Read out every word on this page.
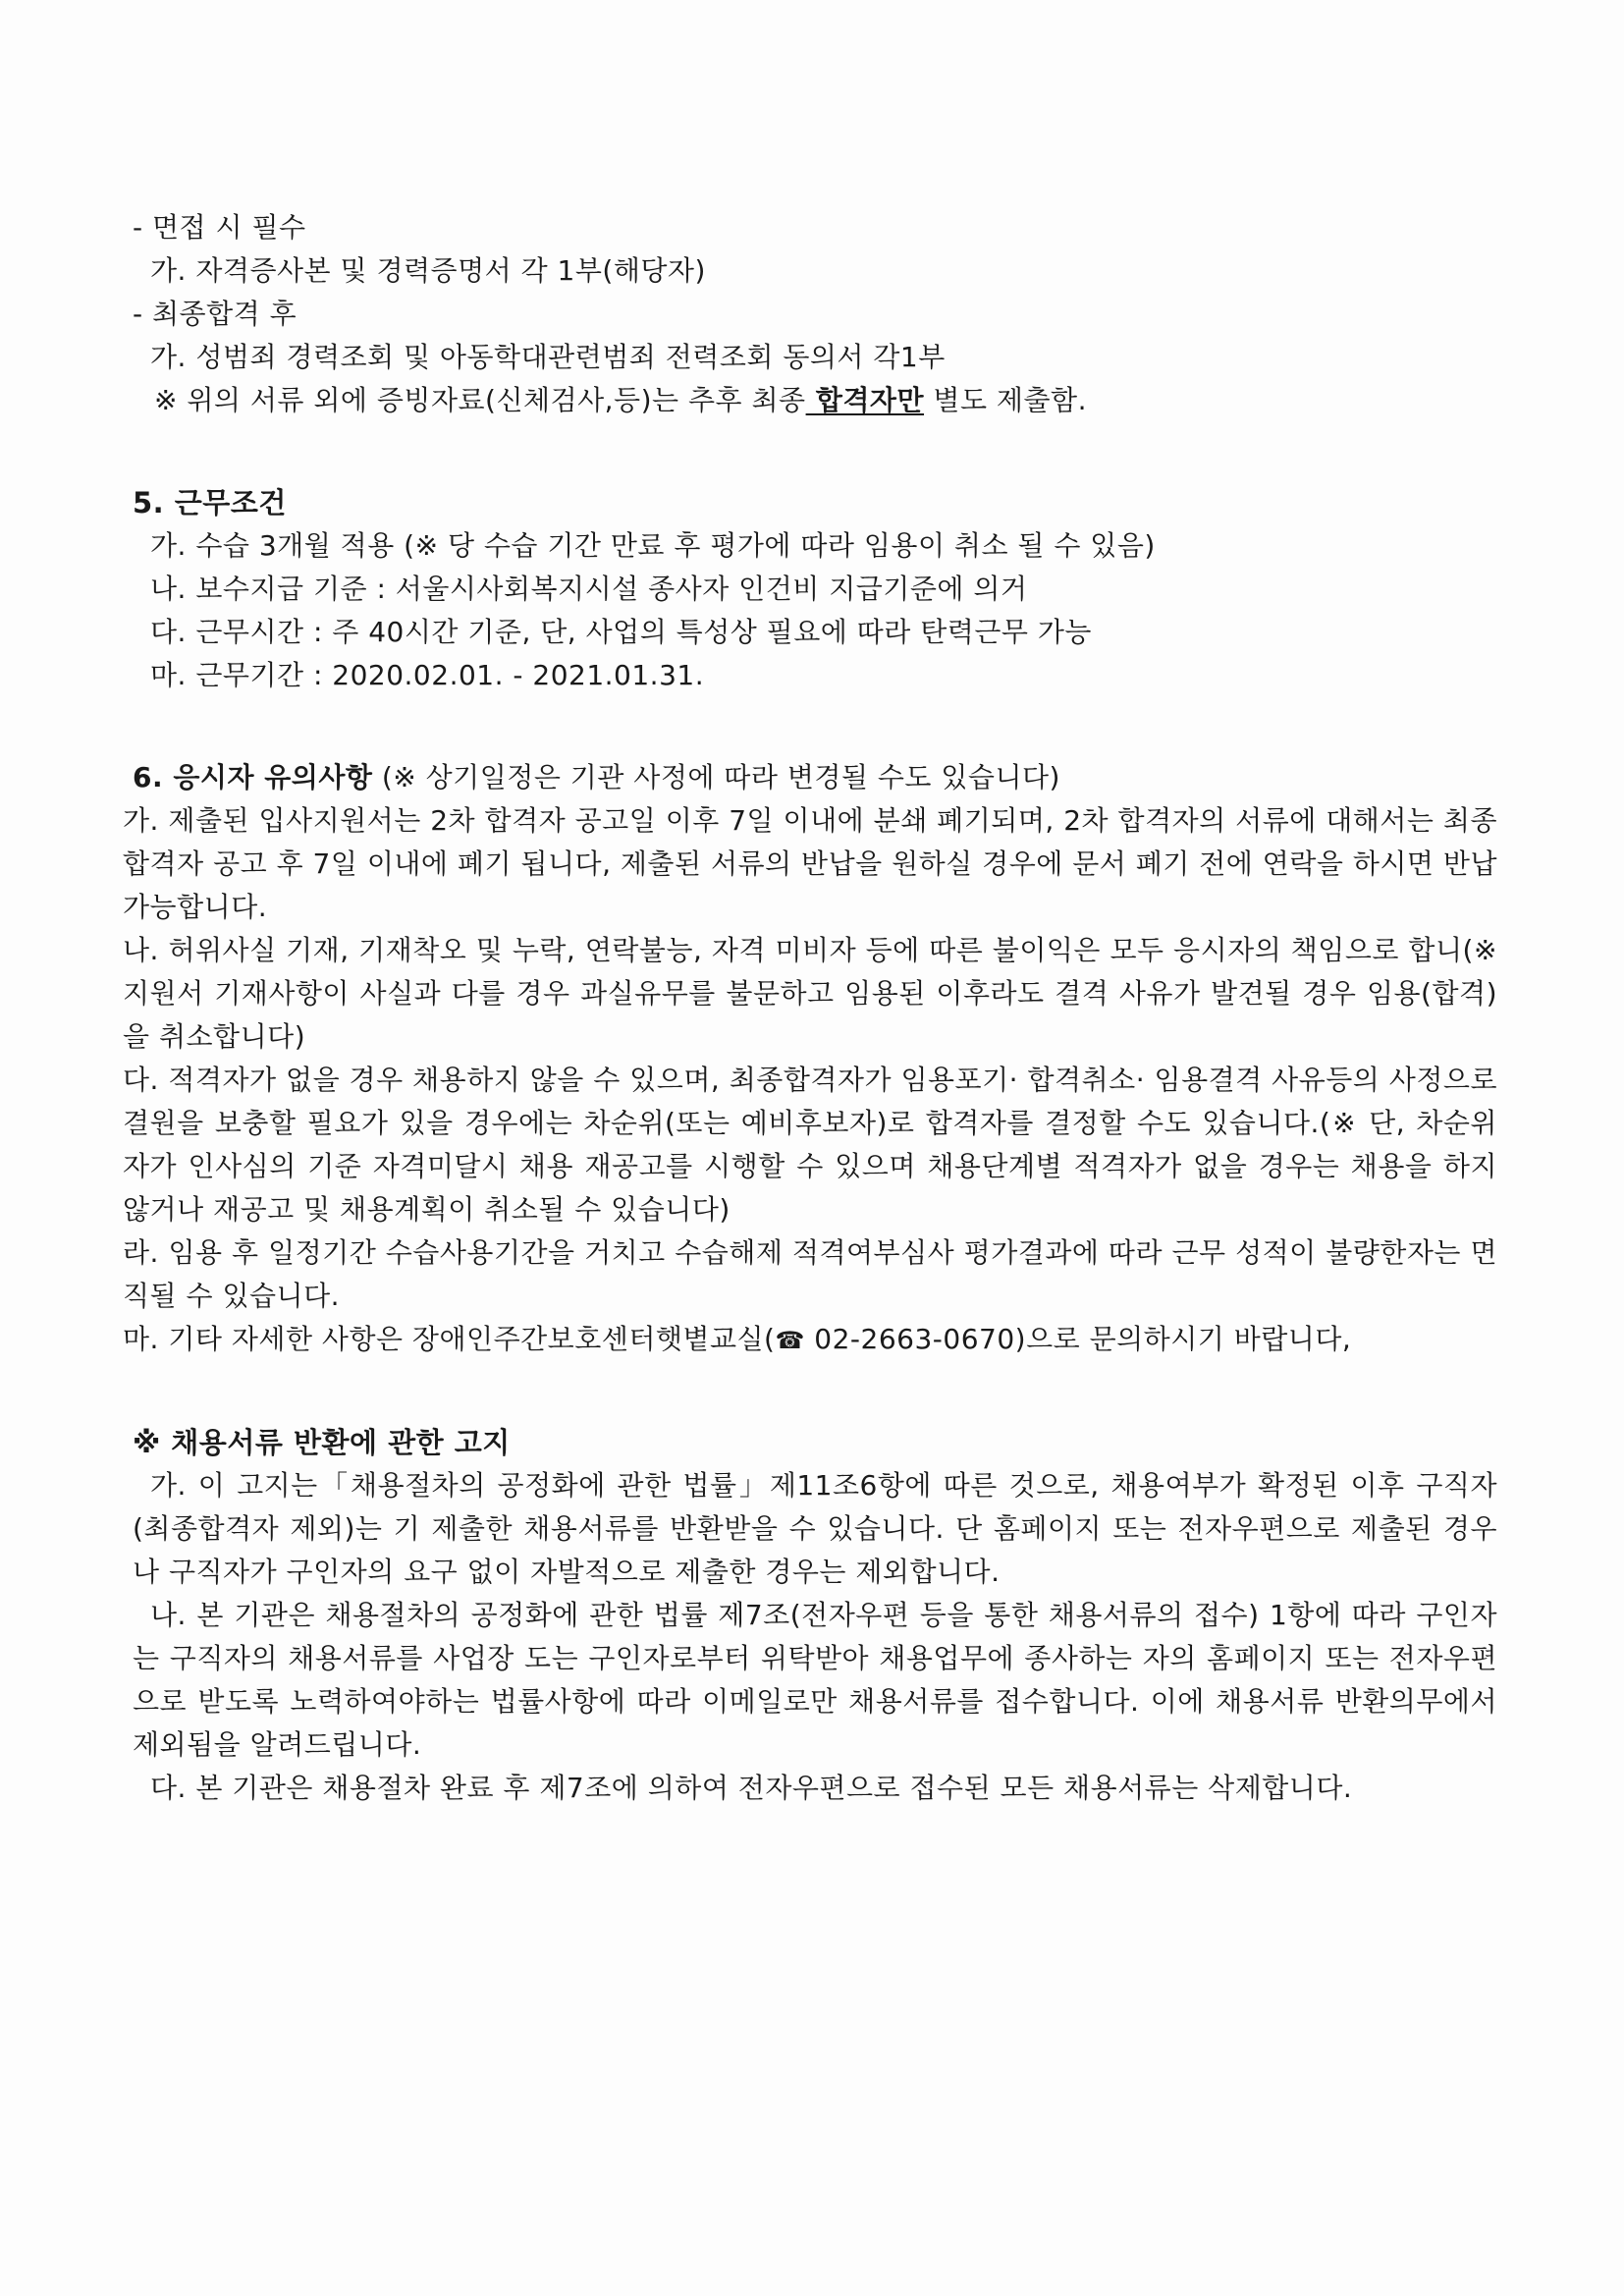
- 면접 시 필수
가. 자격증사본 및 경력증명서 각 1부(해당자)
- 최종합격 후
가. 성범죄 경력조회 및 아동학대관련범죄 전력조회 동의서 각1부
※ 위의 서류 외에 증빙자료(신체검사,등)는 추후 최종 합격자만 별도 제출함.
5. 근무조건
가. 수습 3개월 적용 (※ 당 수습 기간 만료 후 평가에 따라 임용이 취소 될 수 있음)
나. 보수지급 기준 : 서울시사회복지시설 종사자 인건비 지급기준에 의거
다. 근무시간 : 주 40시간 기준, 단, 사업의 특성상 필요에 따라 탄력근무 가능
마. 근무기간 : 2020.02.01. - 2021.01.31.
6. 응시자 유의사항 (※ 상기일정은 기관 사정에 따라 변경될 수도 있습니다)
가. 제출된 입사지원서는 2차 합격자 공고일 이후 7일 이내에 분쇄 폐기되며, 2차 합격자의 서류에 대해서는 최종 합격자 공고 후 7일 이내에 폐기 됩니다, 제출된 서류의 반납을 원하실 경우에 문서 폐기 전에 연락을 하시면 반납 가능합니다.
나. 허위사실 기재, 기재착오 및 누락, 연락불능, 자격 미비자 등에 따른 불이익은 모두 응시자의 책임으로 합니(※지원서 기재사항이 사실과 다를 경우 과실유무를 불문하고 임용된 이후라도 결격 사유가 발견될 경우 임용(합격)을 취소합니다)
다. 적격자가 없을 경우 채용하지 않을 수 있으며, 최종합격자가 임용포기· 합격취소· 임용결격 사유등의 사정으로 결원을 보충할 필요가 있을 경우에는 차순위(또는 예비후보자)로 합격자를 결정할 수도 있습니다.(※ 단, 차순위자가 인사심의 기준 자격미달시 채용 재공고를 시행할 수 있으며 채용단계별 적격자가 없을 경우는 채용을 하지 않거나 재공고 및 채용계획이 취소될 수 있습니다)
라. 임용 후 일정기간 수습사용기간을 거치고 수습해제 적격여부심사 평가결과에 따라 근무 성적이 불량한자는 면직될 수 있습니다.
마. 기타 자세한 사항은 장애인주간보호센터햇볕교실(☎ 02-2663-0670)으로 문의하시기 바랍니다,
※ 채용서류 반환에 관한 고지
가. 이 고지는「채용절차의 공정화에 관한 법률」제11조6항에 따른 것으로, 채용여부가 확정된 이후 구직자(최종합격자 제외)는 기 제출한 채용서류를 반환받을 수 있습니다. 단 홈페이지 또는 전자우편으로 제출된 경우나 구직자가 구인자의 요구 없이 자발적으로 제출한 경우는 제외합니다.
나. 본 기관은 채용절차의 공정화에 관한 법률 제7조(전자우편 등을 통한 채용서류의 접수) 1항에 따라 구인자는 구직자의 채용서류를 사업장 도는 구인자로부터 위탁받아 채용업무에 종사하는 자의 홈페이지 또는 전자우편으로 받도록 노력하여야하는 법률사항에 따라 이메일로만 채용서류를 접수합니다. 이에 채용서류 반환의무에서 제외됨을 알려드립니다.
다. 본 기관은 채용절차 완료 후 제7조에 의하여 전자우편으로 접수된 모든 채용서류는 삭제합니다.
